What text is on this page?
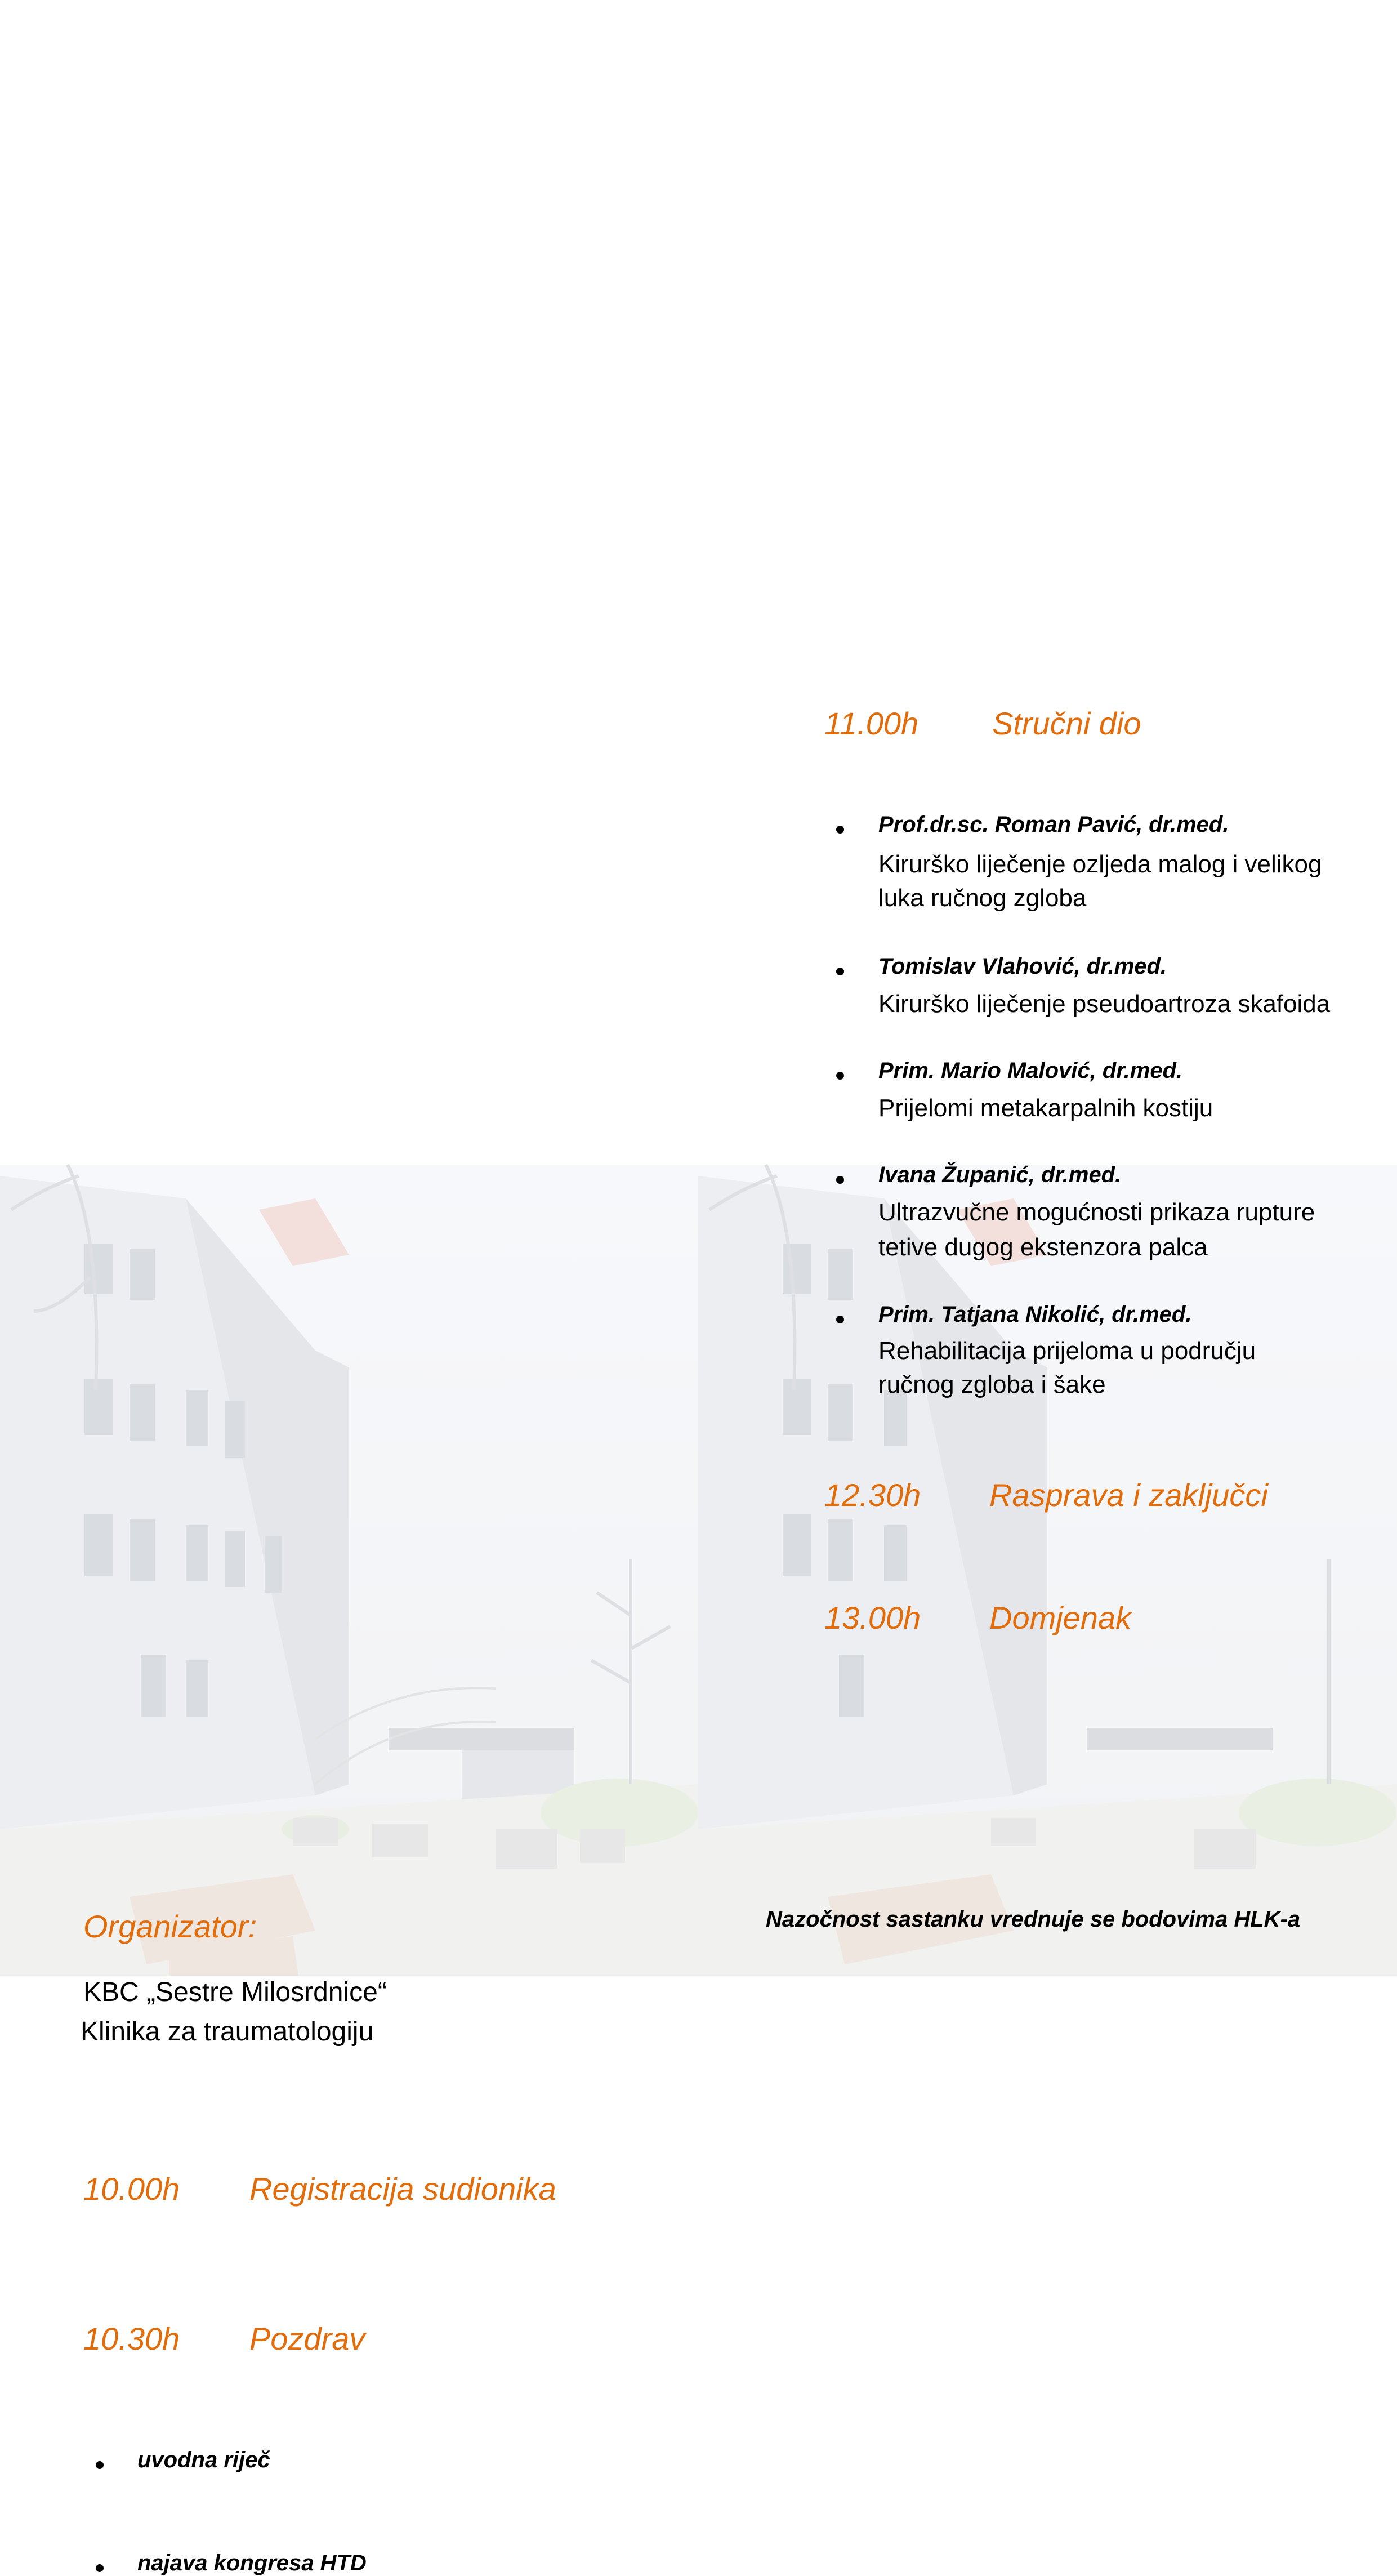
Organizator:
KBC „Sestre Milosrdnice“
Klinika za traumatologiju
10.00h Registracija sudionika
10.30h Pozdrav
uvodna riječ
najava kongresa HTD
11.00h Stručni dio
Prof.dr.sc. Roman Pavić, dr.med.
Kirurško liječenje ozljeda malog i velikog
luka ručnog zgloba
Tomislav Vlahović, dr.med.
Kirurško liječenje pseudoartroza skafoida
Prim. Mario Malović, dr.med.
Prijelomi metakarpalnih kostiju
Ivana Županić, dr.med.
Ultrazvučne mogućnosti prikaza rupture
tetive dugog ekstenzora palca
Prim. Tatjana Nikolić, dr.med.
Rehabilitacija prijeloma u području
ručnog zgloba i šake
12.30h Rasprava i zaključci
13.00h Domjenak
Nazočnost sastanku vrednuje se bodovima HLK-a
